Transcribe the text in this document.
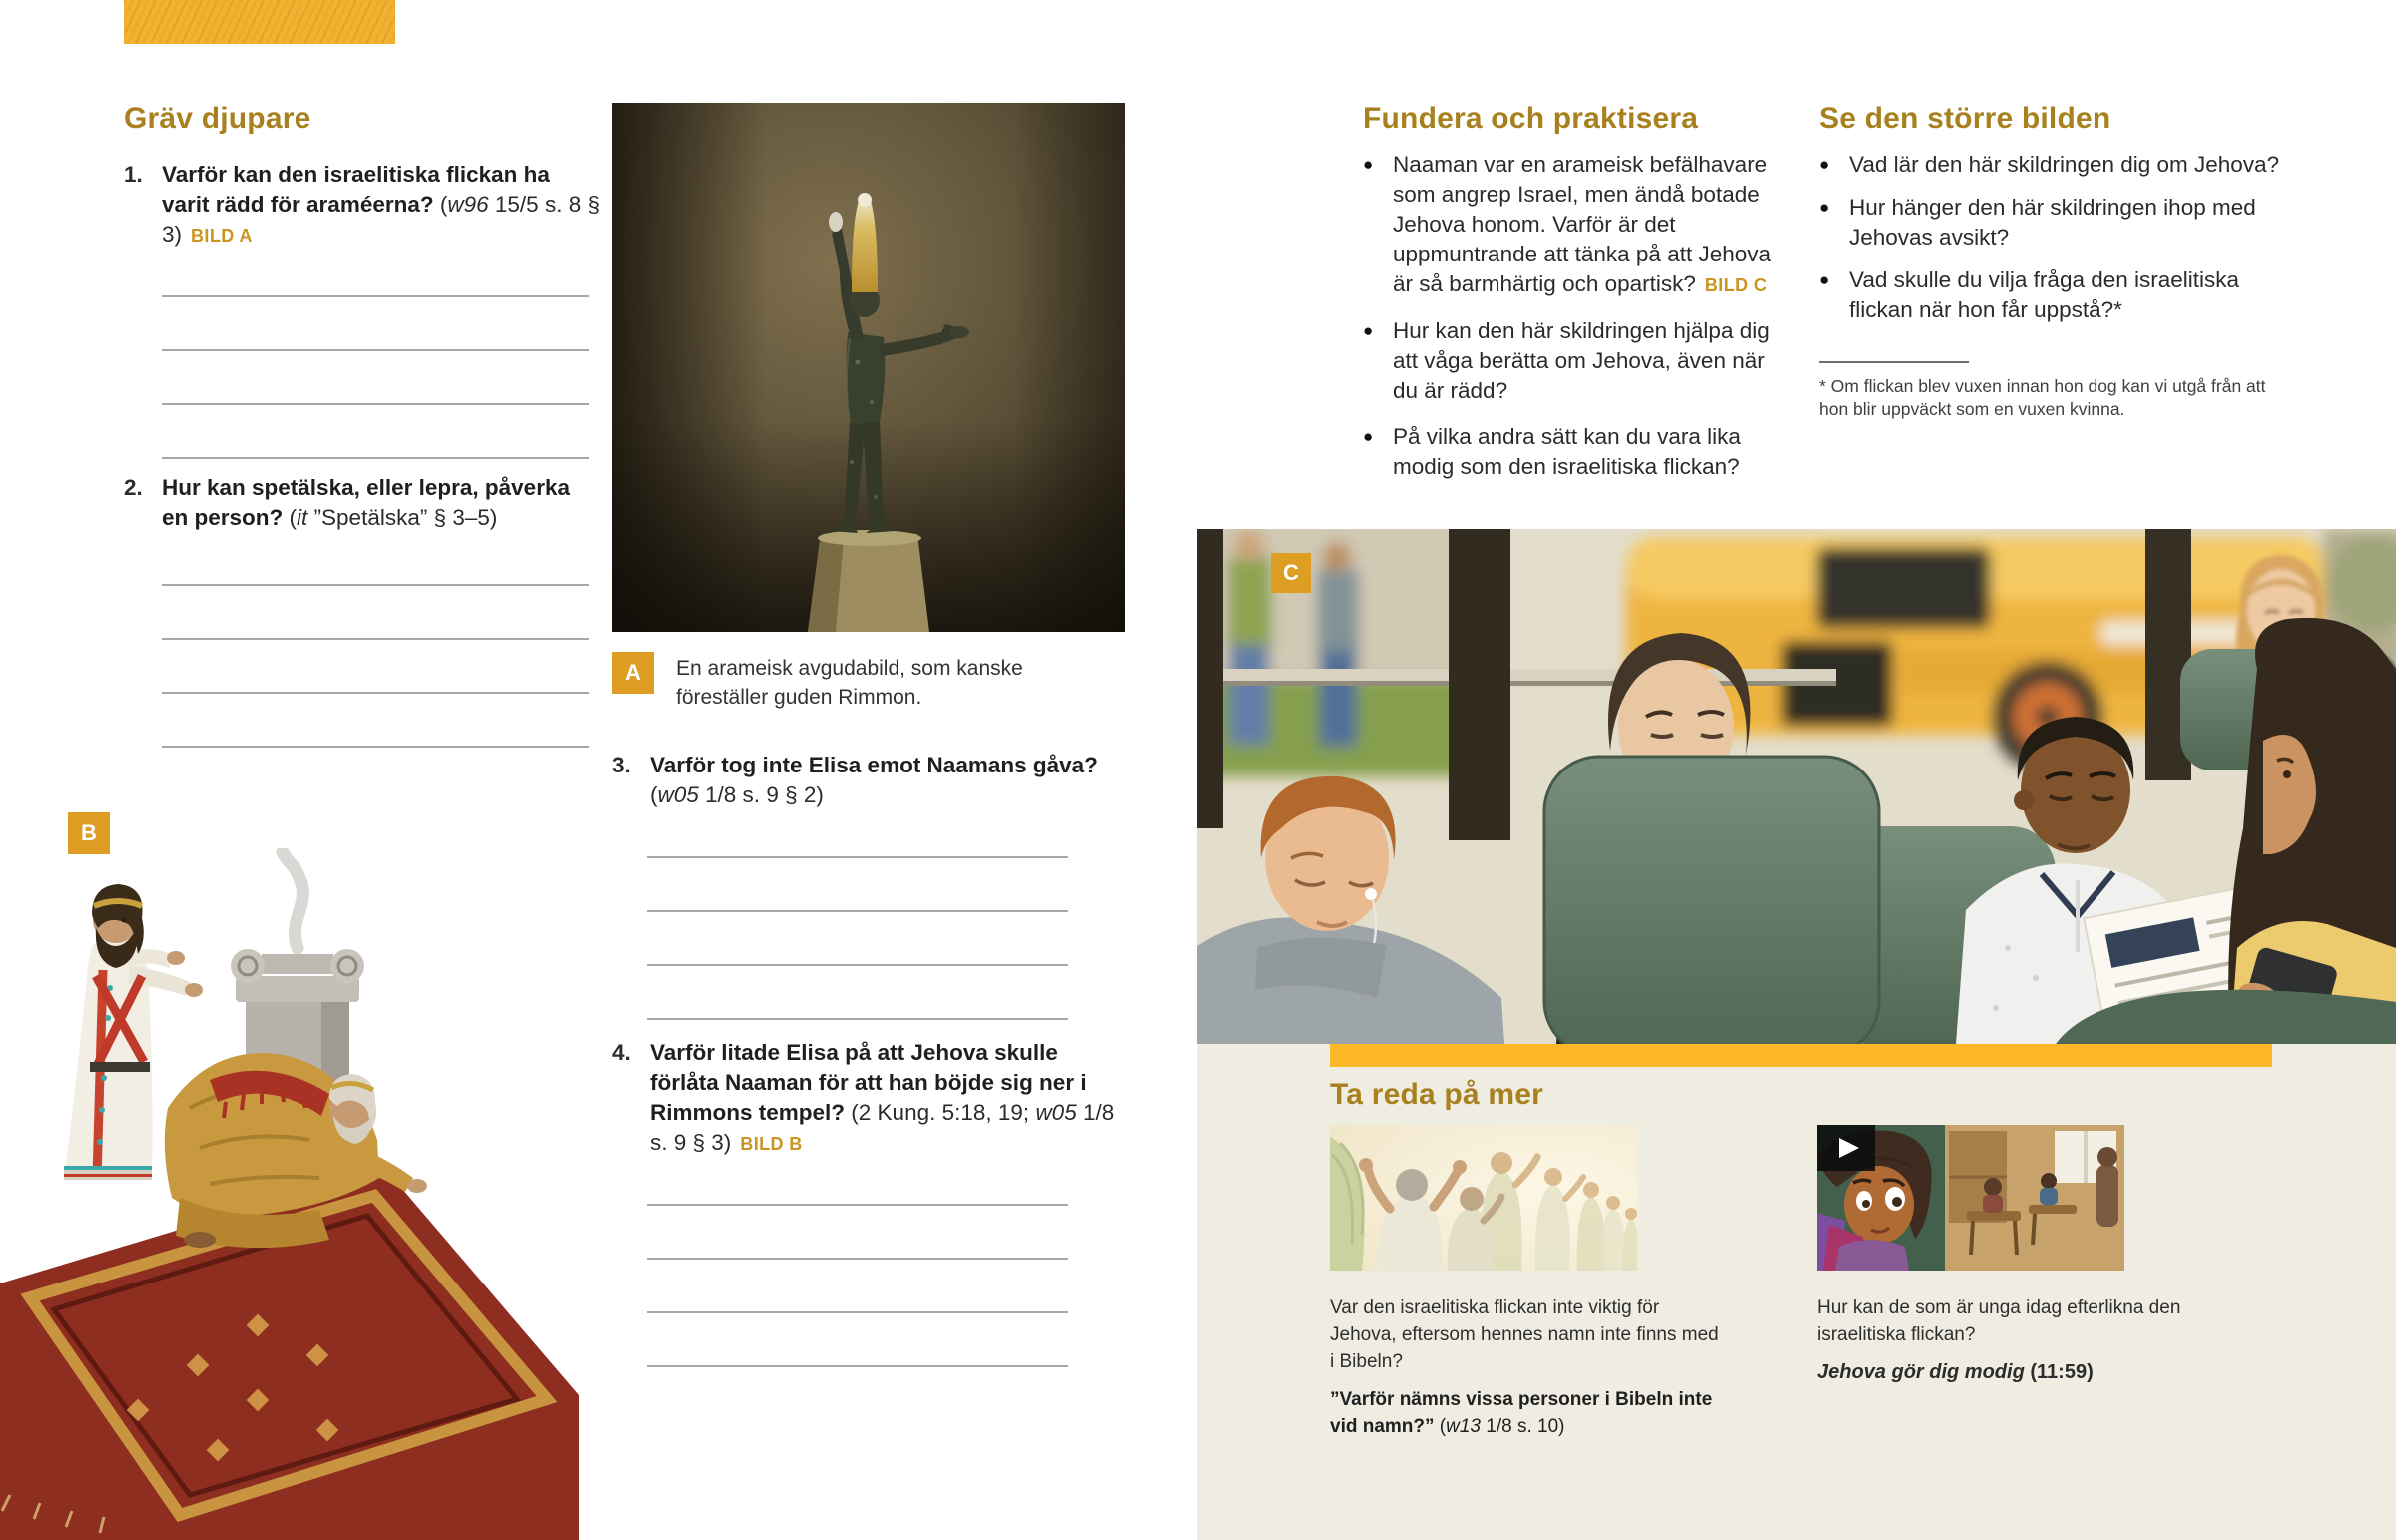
Gräv djupare
1. Varför kan den israelitiska flickan ha varit rädd för araméerna? (w96 15/5 s. 8 § 3) BILD A
2. Hur kan spetälska, eller lepra, påverka en person? (it ”Spetälska” § 3–5)
A	En arameisk avgudabild, som kanske föreställer guden Rimmon.
3. Varför tog inte Elisa emot Naamans gåva? (w05 1/8 s. 9 § 2)
4. Varför litade Elisa på att Jehova skulle förlåta Naaman för att han böjde sig ner i Rimmons tempel? (2 Kung. 5:18, 19; w05 1/8 s. 9 § 3) BILD B
B
Fundera och praktisera
● Naaman var en arameisk befälhavare som angrep Israel, men ändå botade Jehova honom. Varför är det uppmuntrande att tänka på att Jehova är så barmhärtig och opartisk? BILD C
● Hur kan den här skildringen hjälpa dig att våga berätta om Jehova, även när du är rädd?
● På vilka andra sätt kan du vara lika modig som den israelitiska flickan?
Se den större bilden
● Vad lär den här skildringen dig om Jehova?
● Hur hänger den här skildringen ihop med Jehovas avsikt?
● Vad skulle du vilja fråga den israelitiska flickan när hon får uppstå?*
* Om flickan blev vuxen innan hon dog kan vi utgå från att hon blir uppväckt som en vuxen kvinna.
C
Ta reda på mer
Var den israelitiska flickan inte viktig för Jehova, eftersom hennes namn inte finns med i Bibeln?
”Varför nämns vissa personer i Bibeln inte vid namn?” (w13 1/8 s. 10)
Hur kan de som är unga idag efterlikna den israelitiska flickan?
Jehova gör dig modig (11:59)
